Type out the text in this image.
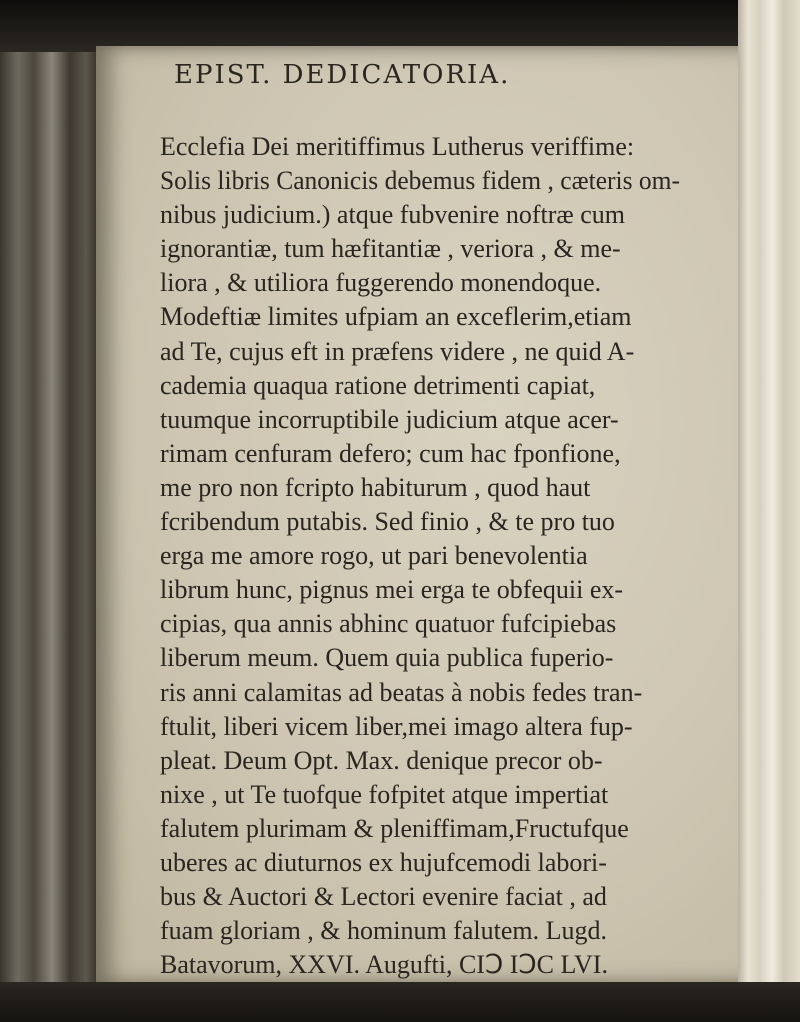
EPIST. DEDICATORIA.
Ecclefia Dei meritiffimus Lutherus veriffime:
Solis libris Canonicis debemus fidem , cæteris om-
nibus judicium.) atque fubvenire noftræ cum
ignorantiæ, tum hæfitantiæ , veriora , & me-
liora , & utiliora fuggerendo monendoque.
Modeftiæ limites ufpiam an exceflerim,etiam
ad Te, cujus eft in præfens videre , ne quid A-
cademia quaqua ratione detrimenti capiat,
tuumque incorruptibile judicium atque acer-
rimam cenfuram defero; cum hac fponfione,
me pro non fcripto habiturum , quod haut
fcribendum putabis. Sed finio , & te pro tuo
erga me amore rogo, ut pari benevolentia
librum hunc, pignus mei erga te obfequii ex-
cipias, qua annis abhinc quatuor fufcipiebas
liberum meum. Quem quia publica fuperio-
ris anni calamitas ad beatas à nobis fedes tran-
ftulit, liberi vicem liber,mei imago altera fup-
pleat. Deum Opt. Max. denique precor ob-
nixe , ut Te tuofque fofpitet atque impertiat
falutem plurimam & pleniffimam,Fructufque
uberes ac diuturnos ex hujufcemodi labori-
bus & Auctori & Lectori evenire faciat , ad
fuam gloriam , & hominum falutem. Lugd.
Batavorum, XXVI. Augufti, CIↃ IↃC LVI.
